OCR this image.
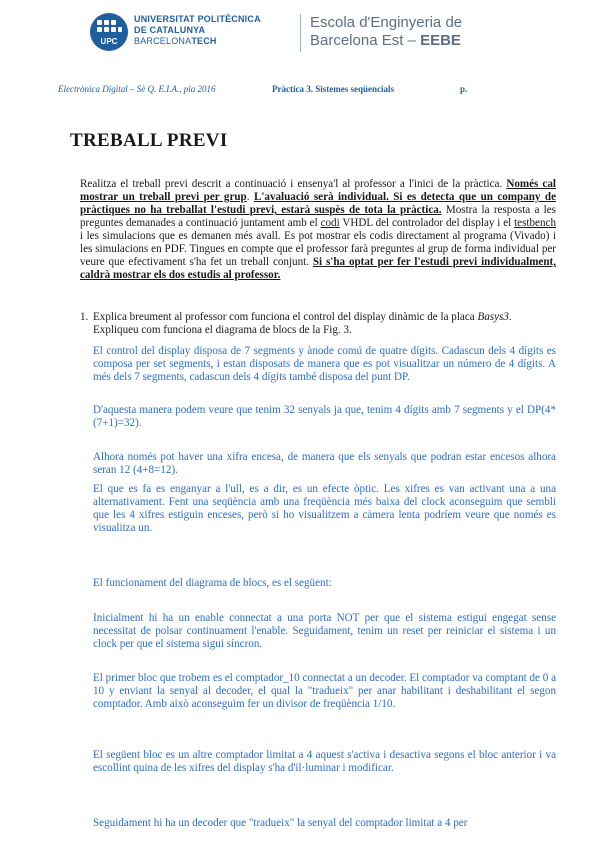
UPC
UNIVERSITAT POLITÈCNICA
DE CATALUNYA
BARCELONATECH
Escola d'Enginyeria de
Barcelona Est – EEBE
Electrònica Digital – Sè Q. E.I.A., pla 2016	Pràctica 3. Sistemes seqüencials	p.
TREBALL PREVI
Realitza el treball previ descrit a continuació i ensenya'l al professor a l'inici de la pràctica. Només cal mostrar un treball previ per grup. L'avaluació serà individual. Si es detecta que un company de pràctiques no ha treballat l'estudi previ, estarà suspès de tota la pràctica. Mostra la resposta a les preguntes demanades a continuació juntament amb el codi VHDL del controlador del display i el testbench i les simulacions que es demanen més avall. Es pot mostrar els codis directament al programa (Vivado) i les simulacions en PDF. Tingues en compte que el professor farà preguntes al grup de forma individual per veure que efectivament s'ha fet un treball conjunt. Si s'ha optat per fer l'estudi previ individualment, caldrà mostrar els dos estudis al professor.
1. Explica breument al professor com funciona el control del display dinàmic de la placa Basys3. Expliqueu com funciona el diagrama de blocs de la Fig. 3.
El control del display disposa de 7 segments y ànode comú de quatre dígits. Cadascun dels 4 dígits es composa per set segments, i estan disposats de manera que es pot visualitzar un número de 4 dígits. A més dels 7 segments, cadascun dels 4 dígits també disposa del punt DP.
D'aquesta manera podem veure que tenim 32 senyals ja que, tenim 4 dígits amb 7 segments y el DP(4*(7+1)=32).
Alhora només pot haver una xifra encesa, de manera que els senyals que podran estar encesos alhora seran 12 (4+8=12).
El que es fa es enganyar a l'ull, es a dir, es un efecte òptic. Les xifres es van activant una a una alternativament. Fent una seqüència amb una freqüència més baixa del clock aconseguim que sembli que les 4 xifres estiguin enceses, però si ho visualitzem a càmera lenta podríem veure que només es visualitza un.
El funcionament del diagrama de blocs, es el següent:
Inicialment hi ha un enable connectat a una porta NOT per que el sistema estigui engegat sense necessitat de polsar continuament l'enable. Seguidament, tenim un reset per reiniciar el sistema i un clock per que el sistema sigui síncron.
El primer bloc que trobem es el comptador_10 connectat a un decoder. El comptador va comptant de 0 a 10 y enviant la senyal al decoder, el qual la "tradueix" per anar habilitant i deshabilitant el segon comptador. Amb això aconseguim fer un divisor de freqüència 1/10.
El següent bloc es un altre comptador limitat a 4 aquest s'activa i desactiva segons el bloc anterior i va escollint quina de les xifres del display s'ha d'il·luminar i modificar.
Seguidament hi ha un decoder que "tradueix" la senyal del comptador limitat a 4 per
